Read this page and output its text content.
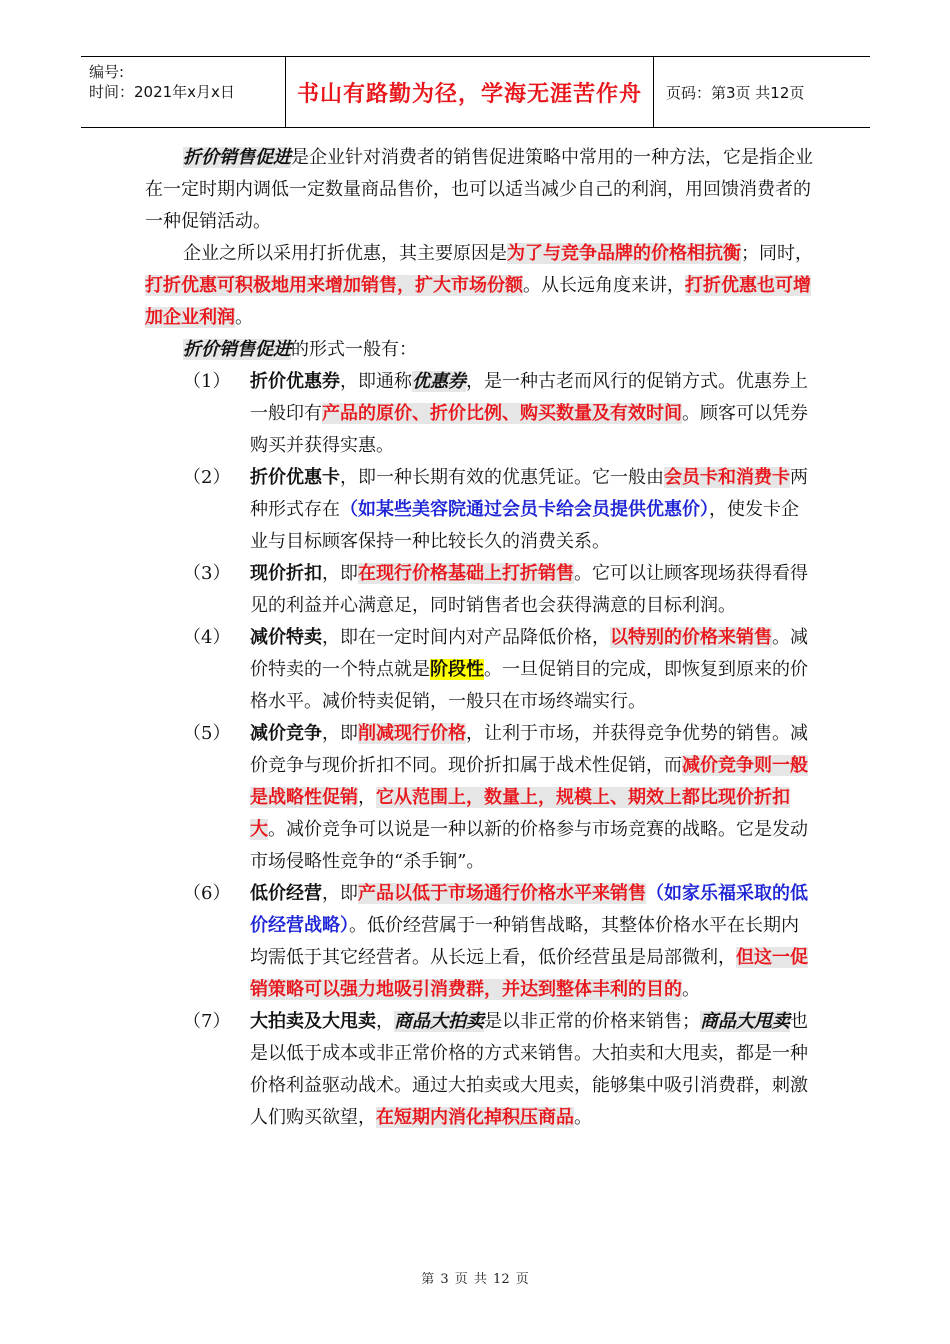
编号:
时间：2021年x月x日	书山有路勤为径，学海无涯苦作舟	页码：第3页 共12页

折价销售促进是企业针对消费者的销售促进策略中常用的一种方法，它是指企业在一定时期内调低一定数量商品售价，也可以适当减少自己的利润，用回馈消费者的一种促销活动。

企业之所以采用打折优惠，其主要原因是为了与竞争品牌的价格相抗衡；同时，打折优惠可积极地用来增加销售，扩大市场份额。从长远角度来讲，打折优惠也可增加企业利润。

折价销售促进的形式一般有：

（1） 折价优惠券，即通称优惠券，是一种古老而风行的促销方式。优惠券上一般印有产品的原价、折价比例、购买数量及有效时间。顾客可以凭券购买并获得实惠。

（2） 折价优惠卡，即一种长期有效的优惠凭证。它一般由会员卡和消费卡两种形式存在（如某些美容院通过会员卡给会员提供优惠价），使发卡企业与目标顾客保持一种比较长久的消费关系。

（3） 现价折扣，即在现行价格基础上打折销售。它可以让顾客现场获得看得见的利益并心满意足，同时销售者也会获得满意的目标利润。

（4） 减价特卖，即在一定时间内对产品降低价格，以特别的价格来销售。减价特卖的一个特点就是阶段性。一旦促销目的完成，即恢复到原来的价格水平。减价特卖促销，一般只在市场终端实行。

（5） 减价竞争，即削减现行价格，让利于市场，并获得竞争优势的销售。减价竞争与现价折扣不同。现价折扣属于战术性促销，而减价竞争则一般是战略性促销，它从范围上，数量上，规模上、期效上都比现价折扣大。减价竞争可以说是一种以新的价格参与市场竞赛的战略。它是发动市场侵略性竞争的“杀手锏”。

（6） 低价经营，即产品以低于市场通行价格水平来销售（如家乐福采取的低价经营战略）。低价经营属于一种销售战略，其整体价格水平在长期内均需低于其它经营者。从长远上看，低价经营虽是局部微利，但这一促销策略可以强力地吸引消费群，并达到整体丰利的目的。

（7） 大拍卖及大甩卖，商品大拍卖是以非正常的价格来销售；商品大甩卖也是以低于成本或非正常价格的方式来销售。大拍卖和大甩卖，都是一种价格利益驱动战术。通过大拍卖或大甩卖，能够集中吸引消费群，刺激人们购买欲望，在短期内消化掉积压商品。

第 3 页 共 12 页
